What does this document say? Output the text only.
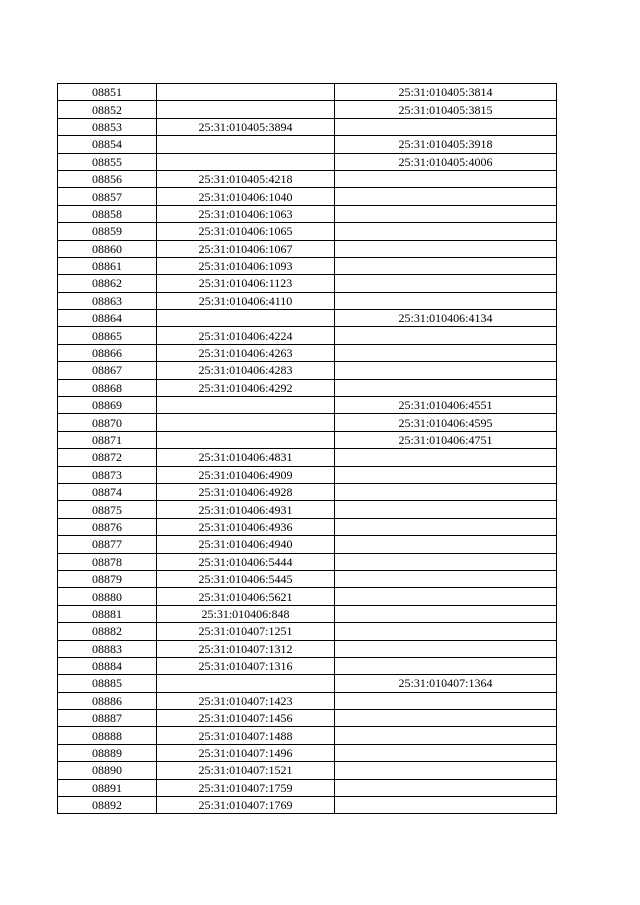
08851		25:31:010405:3814
08852		25:31:010405:3815
08853	25:31:010405:3894	
08854		25:31:010405:3918
08855		25:31:010405:4006
08856	25:31:010405:4218	
08857	25:31:010406:1040	
08858	25:31:010406:1063	
08859	25:31:010406:1065	
08860	25:31:010406:1067	
08861	25:31:010406:1093	
08862	25:31:010406:1123	
08863	25:31:010406:4110	
08864		25:31:010406:4134
08865	25:31:010406:4224	
08866	25:31:010406:4263	
08867	25:31:010406:4283	
08868	25:31:010406:4292	
08869		25:31:010406:4551
08870		25:31:010406:4595
08871		25:31:010406:4751
08872	25:31:010406:4831	
08873	25:31:010406:4909	
08874	25:31:010406:4928	
08875	25:31:010406:4931	
08876	25:31:010406:4936	
08877	25:31:010406:4940	
08878	25:31:010406:5444	
08879	25:31:010406:5445	
08880	25:31:010406:5621	
08881	25:31:010406:848	
08882	25:31:010407:1251	
08883	25:31:010407:1312	
08884	25:31:010407:1316	
08885		25:31:010407:1364
08886	25:31:010407:1423	
08887	25:31:010407:1456	
08888	25:31:010407:1488	
08889	25:31:010407:1496	
08890	25:31:010407:1521	
08891	25:31:010407:1759	
08892	25:31:010407:1769	
